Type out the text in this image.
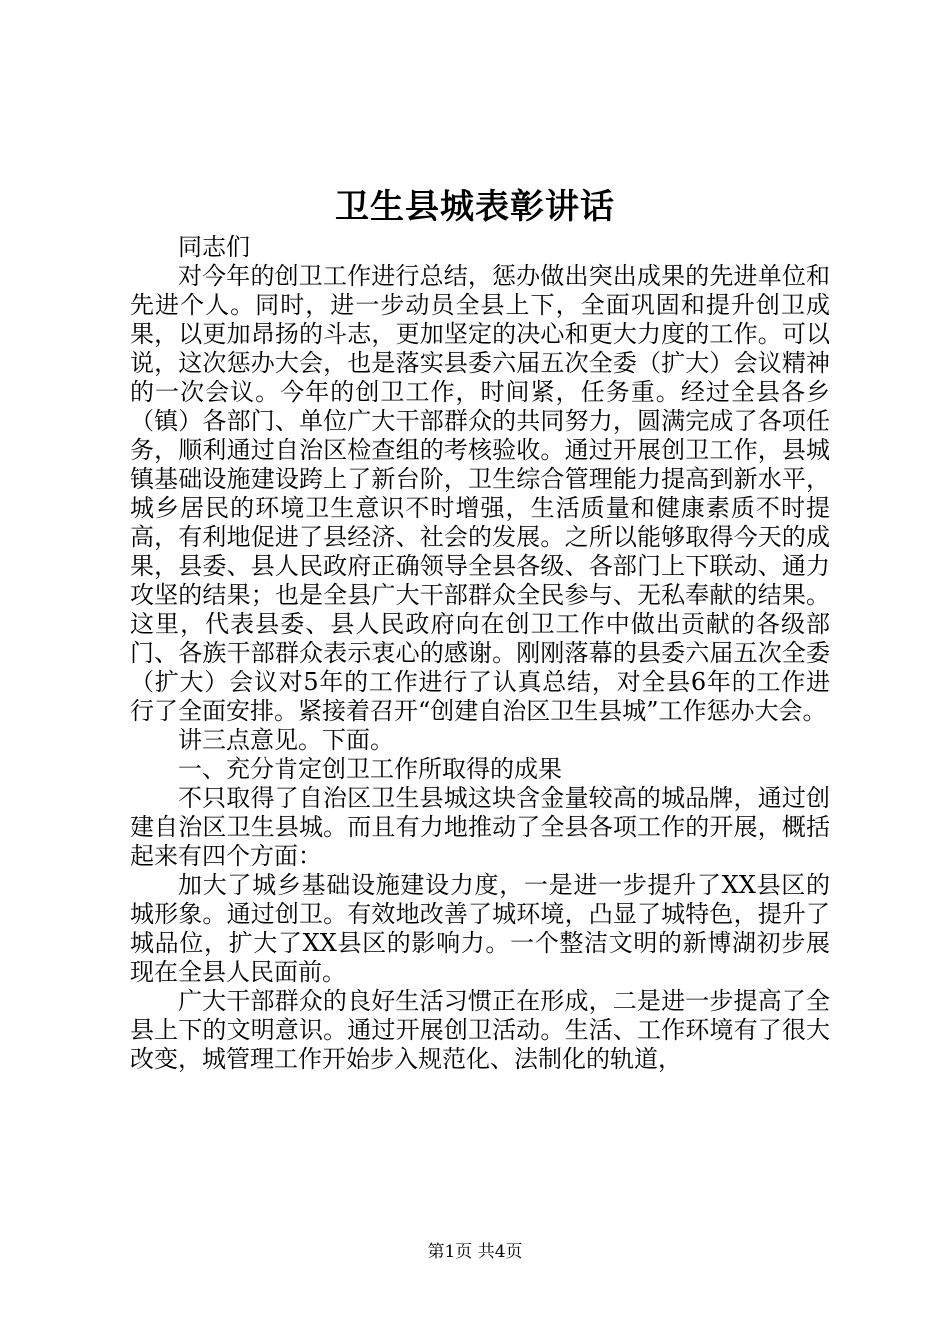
卫生县城表彰讲话

同志们

对今年的创卫工作进行总结，惩办做出突出成果的先进单位和先进个人。同时，进一步动员全县上下，全面巩固和提升创卫成果，以更加昂扬的斗志，更加坚定的决心和更大力度的工作。可以说，这次惩办大会，也是落实县委六届五次全委（扩大）会议精神的一次会议。今年的创卫工作，时间紧，任务重。经过全县各乡（镇）各部门、单位广大干部群众的共同努力，圆满完成了各项任务，顺利通过自治区检查组的考核验收。通过开展创卫工作，县城镇基础设施建设跨上了新台阶，卫生综合管理能力提高到新水平，城乡居民的环境卫生意识不时增强，生活质量和健康素质不时提高，有利地促进了县经济、社会的发展。之所以能够取得今天的成果，县委、县人民政府正确领导全县各级、各部门上下联动、通力攻坚的结果；也是全县广大干部群众全民参与、无私奉献的结果。这里，代表县委、县人民政府向在创卫工作中做出贡献的各级部门、各族干部群众表示衷心的感谢。刚刚落幕的县委六届五次全委（扩大）会议对5年的工作进行了认真总结，对全县6年的工作进行了全面安排。紧接着召开“创建自治区卫生县城”工作惩办大会。

讲三点意见。下面。

一、充分肯定创卫工作所取得的成果

不只取得了自治区卫生县城这块含金量较高的城品牌，通过创建自治区卫生县城。而且有力地推动了全县各项工作的开展，概括起来有四个方面：

加大了城乡基础设施建设力度，一是进一步提升了XX县区的城形象。通过创卫。有效地改善了城环境，凸显了城特色，提升了城品位，扩大了XX县区的影响力。一个整洁文明的新博湖初步展现在全县人民面前。

广大干部群众的良好生活习惯正在形成，二是进一步提高了全县上下的文明意识。通过开展创卫活动。生活、工作环境有了很大改变，城管理工作开始步入规范化、法制化的轨道，

第1页 共4页
